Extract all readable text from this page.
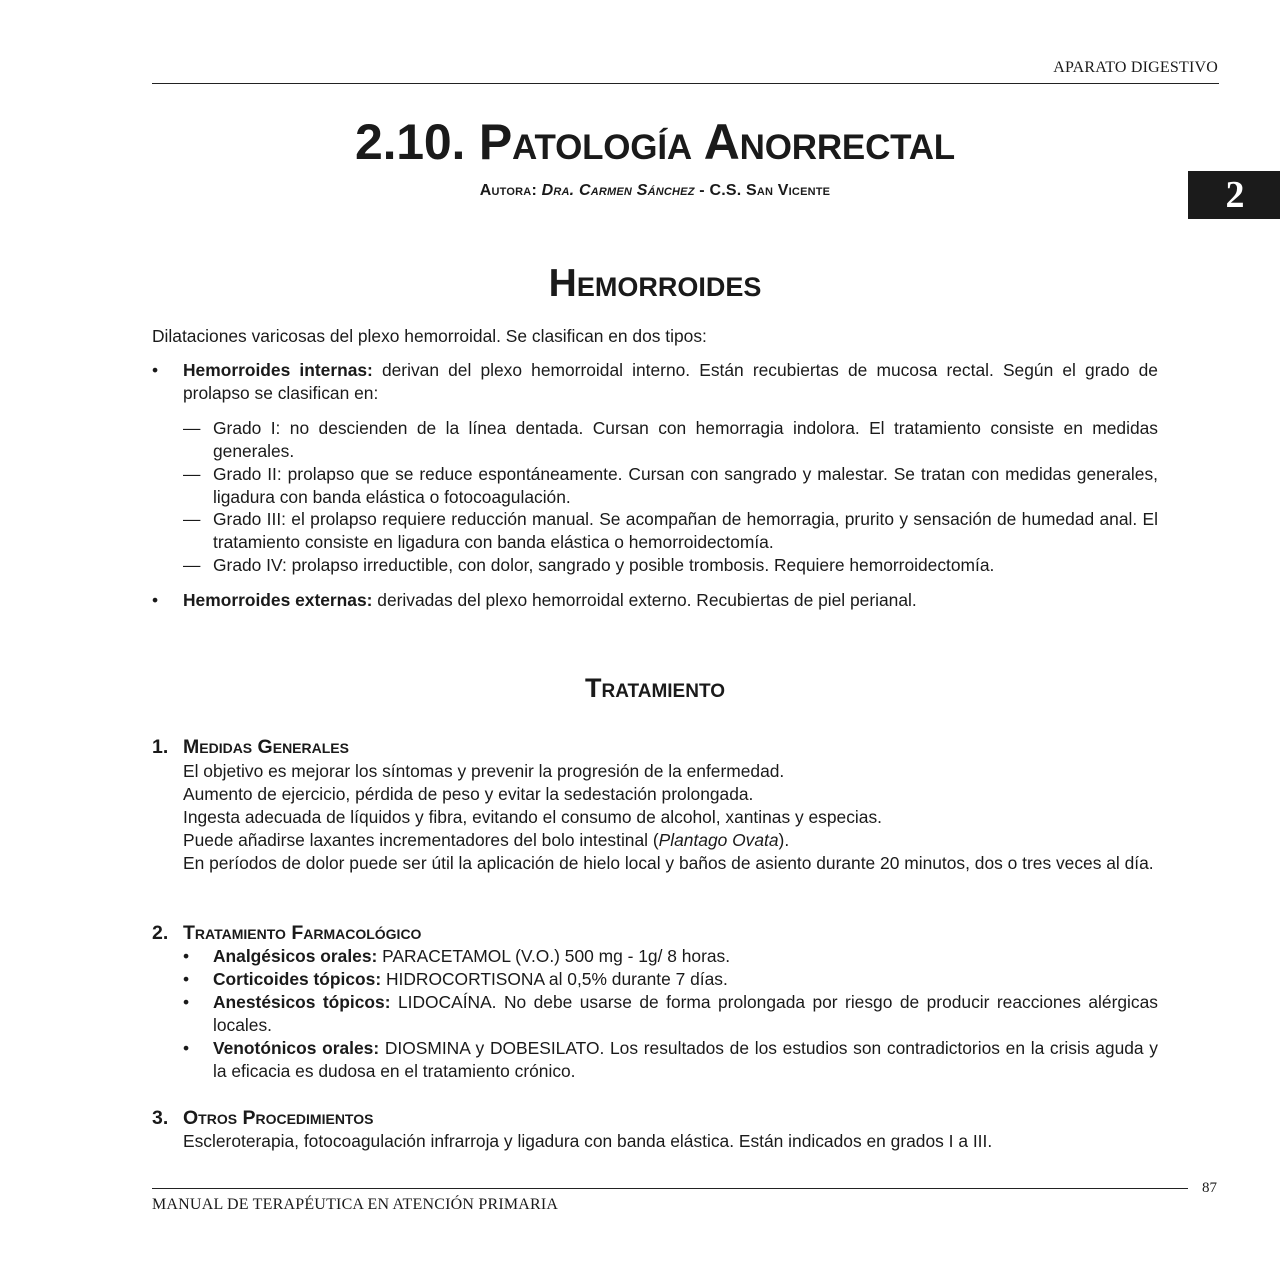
APARATO DIGESTIVO
2
2.10. Patología Anorrectal
Autora: Dra. Carmen Sánchez - C.S. San Vicente
Hemorroides
Dilataciones varicosas del plexo hemorroidal. Se clasifican en dos tipos:
• Hemorroides internas: derivan del plexo hemorroidal interno. Están recubiertas de mucosa rectal. Según el grado de prolapso se clasifican en:
— Grado I: no descienden de la línea dentada. Cursan con hemorragia indolora. El tratamiento consiste en medidas generales.
— Grado II: prolapso que se reduce espontáneamente. Cursan con sangrado y malestar. Se tratan con medidas generales, ligadura con banda elástica o fotocoagulación.
— Grado III: el prolapso requiere reducción manual. Se acompañan de hemorragia, prurito y sensación de humedad anal. El tratamiento consiste en ligadura con banda elástica o hemorroidectomía.
— Grado IV: prolapso irreductible, con dolor, sangrado y posible trombosis. Requiere hemorroidectomía.
• Hemorroides externas: derivadas del plexo hemorroidal externo. Recubiertas de piel perianal.
Tratamiento
1. Medidas Generales
El objetivo es mejorar los síntomas y prevenir la progresión de la enfermedad.
Aumento de ejercicio, pérdida de peso y evitar la sedestación prolongada.
Ingesta adecuada de líquidos y fibra, evitando el consumo de alcohol, xantinas y especias.
Puede añadirse laxantes incrementadores del bolo intestinal (Plantago Ovata).
En períodos de dolor puede ser útil la aplicación de hielo local y baños de asiento durante 20 minutos, dos o tres veces al día.
2. Tratamiento Farmacológico
• Analgésicos orales: PARACETAMOL (V.O.) 500 mg - 1g/ 8 horas.
• Corticoides tópicos: HIDROCORTISONA al 0,5% durante 7 días.
• Anestésicos tópicos: LIDOCAÍNA. No debe usarse de forma prolongada por riesgo de producir reacciones alérgicas locales.
• Venotónicos orales: DIOSMINA y DOBESILATO. Los resultados de los estudios son contradictorios en la crisis aguda y la eficacia es dudosa en el tratamiento crónico.
3. Otros Procedimientos
Escleroterapia, fotocoagulación infrarroja y ligadura con banda elástica. Están indicados en grados I a III.
87
MANUAL DE TERAPÉUTICA EN ATENCIÓN PRIMARIA
